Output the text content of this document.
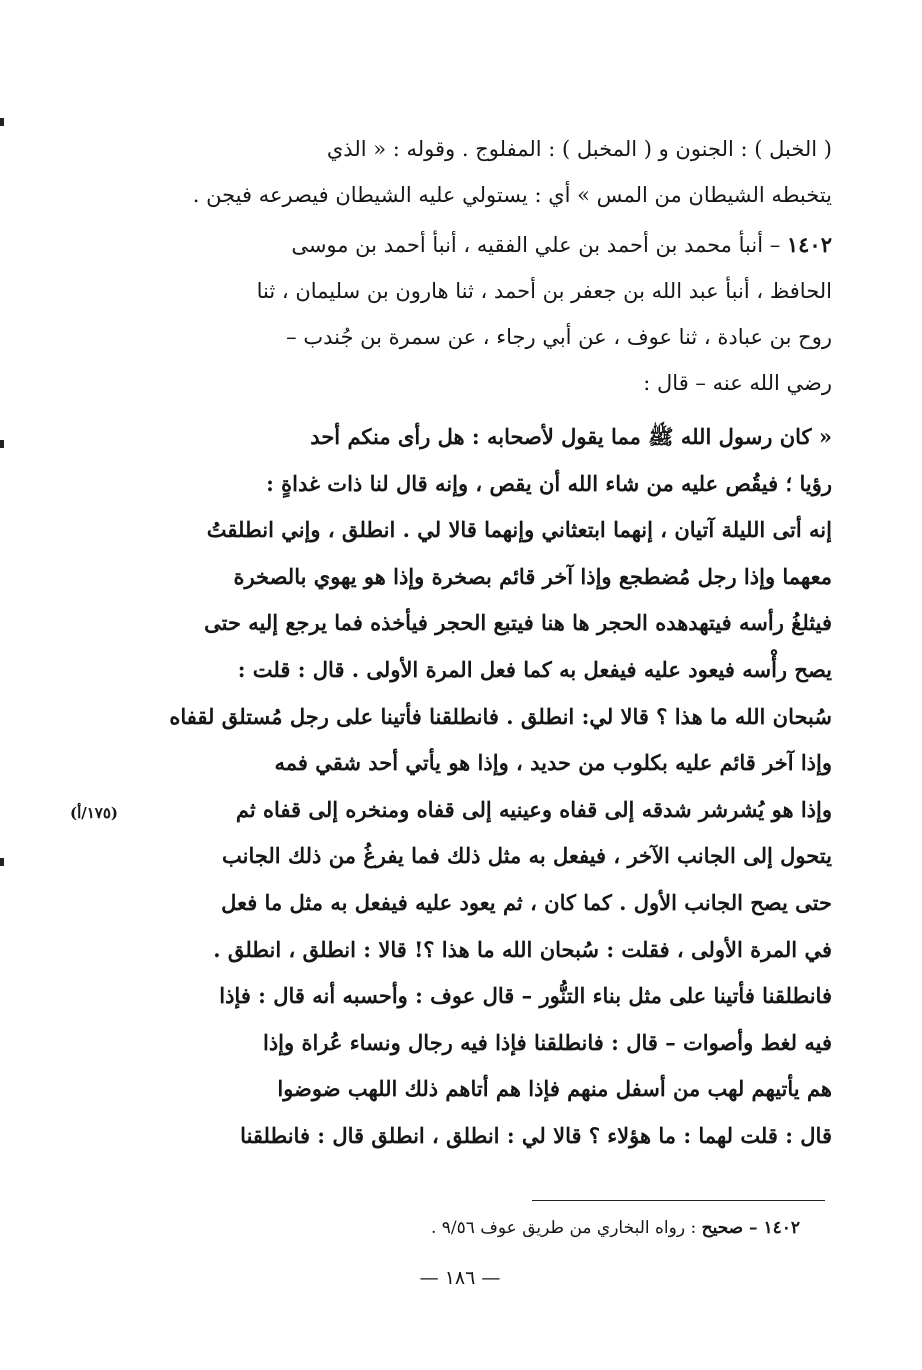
( الخبل ) : الجنون و ( المخبل ) : المفلوج . وقوله : « الذي

يتخبطه الشيطان من المس » أي : يستولي عليه الشيطان فيصرعه فيجن .

١٤٠٢ – أنبأ محمد بن أحمد بن علي الفقيه ، أنبأ أحمد بن موسى

الحافظ ، أنبأ عبد الله بن جعفر بن أحمد ، ثنا هارون بن سليمان ، ثنا

روح بن عبادة ، ثنا عوف ، عن أبي رجاء ، عن سمرة بن جُندب –

رضي الله عنه – قال :

« كان رسول الله ﷺ مما يقول لأصحابه : هل رأى منكم أحد

رؤيا ؛ فيقُص عليه من شاء الله أن يقص ، وإنه قال لنا ذات غداةٍ :

إنه أتى الليلة آتيان ، إنهما ابتعثاني وإنهما قالا لي . انطلق ، وإني انطلقتُ

معهما وإذا رجل مُضطجع وإذا آخر قائم بصخرة وإذا هو يهوي بالصخرة

فيثلغُ رأسه فيتهدهده الحجر ها هنا فيتبع الحجر فيأخذه فما يرجع إليه حتى

يصح رأْسه فيعود عليه فيفعل به كما فعل المرة الأولى . قال : قلت :

سُبحان الله ما هذا ؟ قالا لي: انطلق . فانطلقنا فأتينا على رجل مُستلق لقفاه

وإذا آخر قائم عليه بكلوب من حديد ، وإذا هو يأتي أحد شقي فمه

وإذا هو يُشرشر شدقه إلى قفاه وعينيه إلى قفاه ومنخره إلى قفاه ثم

يتحول إلى الجانب الآخر ، فيفعل به مثل ذلك فما يفرغُ من ذلك الجانب

حتى يصح الجانب الأول . كما كان ، ثم يعود عليه فيفعل به مثل ما فعل

في المرة الأولى ، فقلت : سُبحان الله ما هذا ؟! قالا : انطلق ، انطلق .

فانطلقنا فأتينا على مثل بناء التنُّور – قال عوف : وأحسبه أنه قال : فإذا

فيه لغط وأصوات – قال : فانطلقنا فإذا فيه رجال ونساء عُراة وإذا

هم يأتيهم لهب من أسفل منهم فإذا هم أتاهم ذلك اللهب ضوضوا

قال : قلت لهما : ما هؤلاء ؟ قالا لي : انطلق ، انطلق قال : فانطلقنا

(١٧٥/أ)
١٤٠٢ – صحيح : رواه البخاري من طريق عوف ٩/٥٦ .
— ١٨٦ —
